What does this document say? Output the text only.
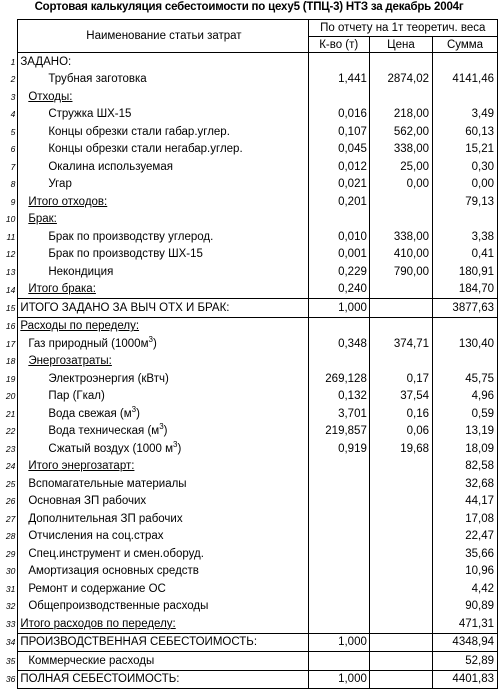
Сортовая калькуляция себестоимости по цеху5 (ТПЦ-3) НТЗ за декабрь 2004г
	Наименование статьи затрат	По отчету на 1т теоретич. веса		
		К-во (т)	Цена	Сумма
1	ЗАДАНО:			
2	Трубная заготовка	1,441	2874,02	4141,46
3	Отходы:			
4	Стружка ШХ-15	0,016	218,00	3,49
5	Концы обрезки стали габар.углер.	0,107	562,00	60,13
6	Концы обрезки стали негабар.углер.	0,045	338,00	15,21
7	Окалина используемая	0,012	25,00	0,30
8	Угар	0,021	0,00	0,00
9	Итого отходов:	0,201		79,13
10	Брак:			
11	Брак по производству углерод.	0,010	338,00	3,38
12	Брак по производству ШХ-15	0,001	410,00	0,41
13	Некондиция	0,229	790,00	180,91
14	Итого брака:	0,240		184,70
15	ИТОГО ЗАДАНО ЗА ВЫЧ ОТХ И БРАК:	1,000		3877,63
16	Расходы по переделу:			
17	Газ природный $(1000м^3)$	0,348	374,71	130,40
18	Энергозатраты:			
19	Электроэнергия (кВтч)	269,128	0,17	45,75
20	Пар (Гкал)	0,132	37,54	4,96
21	Вода свежая $(м^3)$	3,701	0,16	0,59
22	Вода техническая $(м^3)$	219,857	0,06	13,19
23	Сжатый воздух (1000 $м^3$)	0,919	19,68	18,09
24	Итого энергозатарт:			82,58
25	Вспомагательные материалы			32,68
26	Основная ЗП рабочих			44,17
27	Дополнительная ЗП рабочих			17,08
28	Отчисления на соц.страх			22,47
29	Спец.инструмент и смен.оборуд.			35,66
30	Амортизация основных средств			10,96
31	Ремонт и содержание ОС			4,42
32	Общепроизводственные расходы			90,89
33	Итого расходов по переделу:			471,31
34	ПРОИЗВОДСТВЕННАЯ СЕБЕСТОИМОСТЬ:	1,000		4348,94
35	Коммерческие расходы			52,89
36	ПОЛНАЯ СЕБЕСТОИМОСТЬ:	1,000		4401,83
